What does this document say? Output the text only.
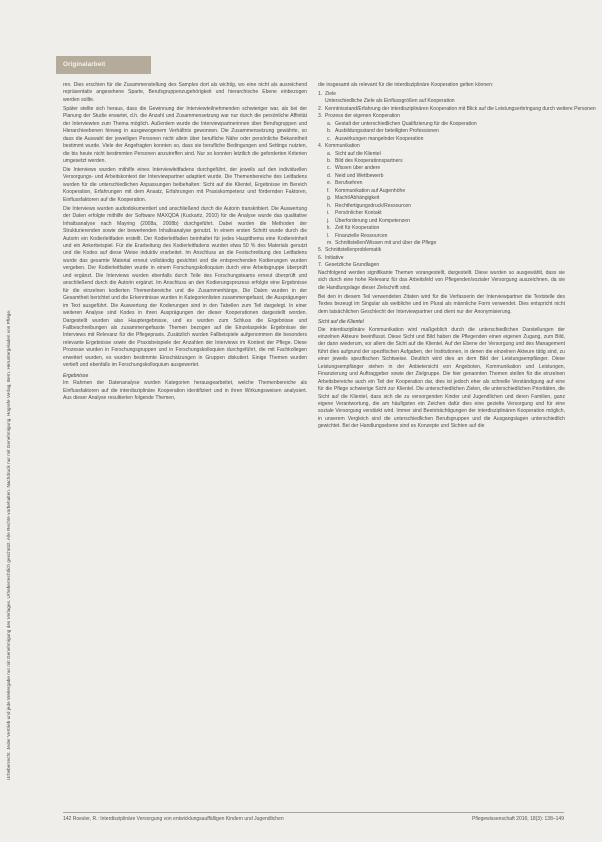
Urheberrecht. Jeder Vertrieb und jede Weitergabe nur mit Genehmigung des Verlages. Urheberrechtlich geschützt. Alle Rechte vorbehalten. Nachdruck nur mit Genehmigung. Hogrefe Verlag, Bern. Heruntergeladen von Pflege.
Originalarbeit

ren. Dies erschien für die Zusammenstellung des Samples dort als wichtig, wo eine nicht als ausreichend repräsentativ angesehene Sparte, Berufsgruppenzugehörigkeit und hierarchische Ebene einbezogen werden sollte.

Später stellte sich heraus, dass die Gewinnung der Interviewteilnehmenden schwieriger war, als bei der Planung der Studie erwartet, d.h. die Anzahl und Zusammensetzung war nur durch die persönliche Affinität der Interviewten zum Thema möglich. Außerdem wurde die Interviewpartnerinnen über Berufsgruppen und Hierarchieebenen hinweg in ausgewogenem Verhältnis gewonnen. Die Zusammensetzung gewährte, so dass die Auswahl der jeweiligen Personen nicht allein über berufliche Nähe oder persönliche Bekanntheit bestimmt wurde. Viele der Angefragten konnten so, dass sie berufliche Bedingungen und Settings nutzten, die bis heute nicht bestimmten Personen anzutreffen sind. Nur so konnten letztlich die geforderten Kriterien umgesetzt werden.

Die Interviews wurden mithilfe eines Interviewleitfadens durchgeführt, der jeweils auf den individuellen Versorgungs- und Arbeitskontext der Interviewpartner adaptiert wurde. Die Themenbereiche des Leitfadens wurden für die unterschiedlichen Anpassungen beibehalten: Sicht auf die Klientel, Ergebnisse im Bereich Kooperation, Erfahrungen mit dem Ansatz, Erfahrungen mit Praxiskompetenz und fördernden Faktoren, Einflussfaktoren auf die Kooperation.

Die Interviews wurden audiodokumentiert und anschließend durch die Autorin transkribiert. Die Auswertung der Daten erfolgte mithilfe der Software MAXQDA (Kuckartz, 2010) für die Analyse wurde das qualitative Inhaltsanalyse nach Mayring (2008a, 2008b) durchgeführt. Dabei wurden die Methoden der Strukturierenden sowie der bewertenden Inhaltsanalyse genutzt. In einem ersten Schritt wurde durch die Autorin ein Kodierleitfaden erstellt. Der Kodierleitfaden beinhaltet für jedes Hauptthema eine Kodiereinheit und ein Ankerbeispiel. Für die Erarbeitung des Kodierleitfadens wurden etwa 50 % des Materials genutzt und die Kodes auf diese Weise induktiv erarbeitet. Im Anschluss an die Festschreibung des Leitfadens wurde das gesamte Material erneut vollständig gesichtet und die entsprechenden Kodierungen wurden vergeben. Der Kodierleitfaden wurde in einem Forschungskolloquium durch eine Arbeitsgruppe überprüft und ergänzt. Die Interviews wurden ebenfalls durch Teile des Forschungsteams erneut überprüft und anschließend durch die Autorin ergänzt. Im Anschluss an den Kodierungsprozess erfolgte eine Ergebnisse für die einzelnen kodierten Themenbereiche und die Zusammenhänge, Die Daten wurden in der Gesamtheit berichtet und die Erkenntnisse wurden in Kategorienlisten zusammengefasst, die Ausprägungen im Text ausgeführt. Die Auswertung der Kodierungen sind in den Tabellen zum Teil dargelegt. In einer weiteren Analyse sind Kodes in ihren Ausprägungen der dieser Kooperationen dargestellt worden. Dargestellt wurden also Hauptergebnisse, und es wurden zum Schluss die Ergebnisse und Fallbeschreibungen als zusammengefasste Themen bezogen auf die Einzelaspekte Ergebnisse der Interviews mit Relevanz für die Pflegepraxis. Zusätzlich wurden Fallbeispiele aufgenommen die besonders relevante Ergebnisse sowie die Praxisbeispiele der Anzahlen der Interviews im Kontext der Pflege. Diese Prozesse wurden in Forschungsgruppen und in Forschungskolloquien durchgeführt, die mit Fachkollegen erweitert wurden, es wurden bestimmte Einschätzungen in Gruppen diskutiert. Einige Themen wurden vertieft und ebenfalls im Forschungskolloquium ausgewertet.

Ergebnisse

Im Rahmen der Datenanalyse wurden Kategorien herausgearbeitet, welche Themenbereiche als Einflussfaktoren auf die interdisziplinäre Kooperation identifiziert und in ihren Wirkungsweisen analysiert. Aus dieser Analyse resultierten folgende Themen,

die insgesamt als relevant für die interdisziplinäre Kooperation gelten können:

1. Ziele
Unterschiedliche Ziele als Einflussgrößen auf Kooperation
2. Kenntnisstand/Erfahrung der interdisziplinären Kooperation mit Blick auf die Leistungserbringung durch weitere Personen
3. Prozess der eigenen Kooperation
a. Gestalt der unterschiedlichen Qualifizierung für die Kooperation
b. Ausbildungsstand der beteiligten Professionen
c. Auswirkungen mangelnder Kooperation
4. Kommunikation
a. Sicht auf die Klientel
b. Bild des Kooperationspartners
c. Wissen über andere
d. Neid und Wettbewerb
e. Berufsehren
f. Kommunikation auf Augenhöhe
g. Macht/Abhängigkeit
h. Rechtfertigungsdruck/Ressourcen
i. Persönlicher Kontakt
j. Überforderung und Kompetenzen
k. Zeit für Kooperation
l. Finanzielle Ressourcen
m. Schnittstellen/Wissen mit und über die Pflege
5. Schnittstellenproblematik
6. Initiative
7. Gesetzliche Grundlagen

Nachfolgend werden signifikante Themen vorangestellt, dargestellt. Diese wurden so ausgewählt, dass sie sich durch eine hohe Relevanz für das Arbeitsfeld von Pflegenden/sozialer Versorgung auszeichnen, da sie die Handlungslage dieser Zielschrift sind.

Bei den in diesem Teil verwendeten Zitaten wird für die Verfasserin der Interviewpartner die Textstelle des Textes bezeugt im Singular als weibliche und im Plural als männliche Form verwendet. Dies entspricht nicht dem tatsächlichen Geschlecht der Interviewpartner und dient nur der Anonymisierung.

Sicht auf die Klientel

Die interdisziplinäre Kommunikation wird maßgeblich durch die unterschiedlichen Darstellungen der einzelnen Akteure beeinflusst. Diese Sicht und Bild haben die Pflegenden einen eigenen Zugang, zum Bild, der dann wiederum, vor allem die Sicht auf die Klientel. Auf der Ebene der Versorgung und des Management führt dies aufgrund der spezifischen Aufgaben, der Institutionen, in denen die einzelnen Akteure tätig sind, zu einer jeweils spezifischen Sichtweise. Deutlich wird dies an dem Bild der Leistungsempfänger. Diese Leistungsempfänger stehen in der Anbietersicht von Angeboten, Kommunikation und Leistungen, Finanzierung und Auftraggeber sowie der Zielgruppe. Die hier genannten Themen stellen für die einzelnen Arbeitsbereiche auch ein Teil der Kooperation dar, dies ist jedoch eher als schnelle Verständigung auf eine für die Pflege schwierige Sicht zur Klientel. Die unterschiedlichen Zielen, die unterschiedlichen Prioritäten, die Sicht auf die Klientel, dass sich die zu versorgenden Kinder und Jugendlichen und deren Familien, ganz eigene Verantwortung, die am häufigsten ein Zeichen dafür dies eine gezielte Versorgung und für eine soziale Versorgung verstärkt wird. Immer sind Beeinträchtigungen der interdisziplinären Kooperation möglich, in unserem Vergleich sind die unterschiedlichen Berufsgruppen und die Ausgangslagen unterschiedlich gewichtet. Bei der Handlungsebene sind es Konzepte und Sichten auf die

142 Roesler, R.: Interdisziplinäre Versorgung von entwicklungsauffälligen Kindern und Jugendlichen	Pflegewissenschaft 2016; 18(3): 138–149
